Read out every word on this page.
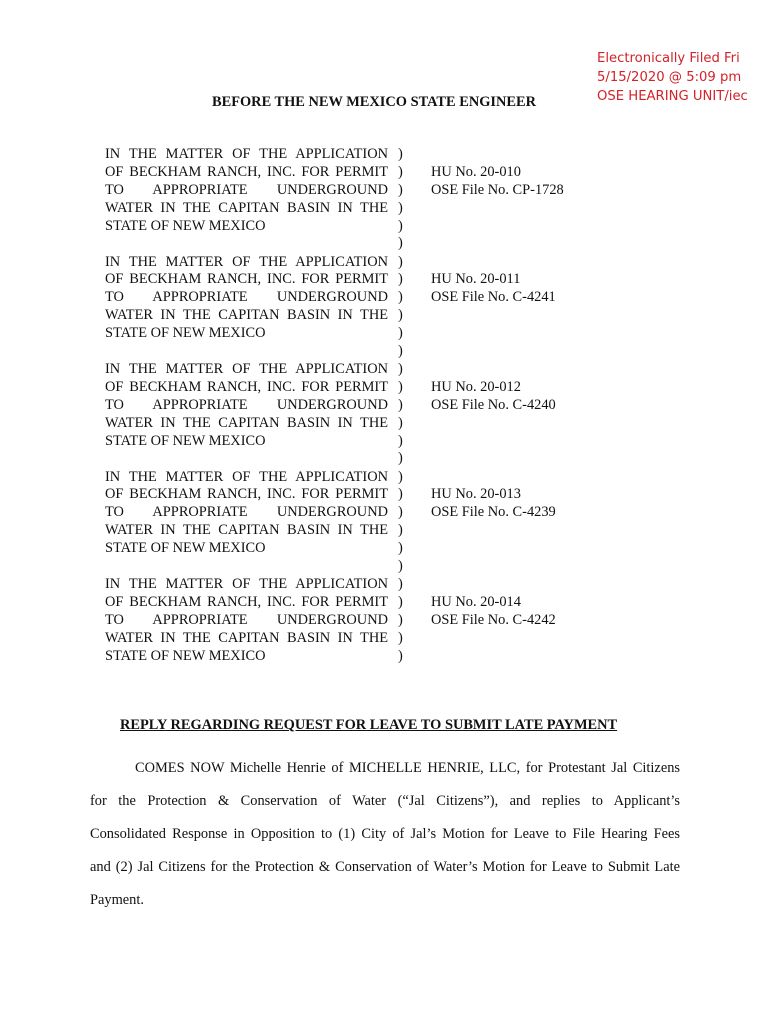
Electronically Filed Fri
5/15/2020 @ 5:09 pm
OSE HEARING UNIT/iec
BEFORE THE NEW MEXICO STATE ENGINEER
IN THE MATTER OF THE APPLICATION
OF BECKHAM RANCH, INC. FOR PERMIT
TO APPROPRIATE UNDERGROUND
WATER IN THE CAPITAN BASIN IN THE
STATE OF NEW MEXICO
)
)
)
)
)
)
HU No. 20-010
OSE File No. CP-1728
IN THE MATTER OF THE APPLICATION
OF BECKHAM RANCH, INC. FOR PERMIT
TO APPROPRIATE UNDERGROUND
WATER IN THE CAPITAN BASIN IN THE
STATE OF NEW MEXICO
)
)
)
)
)
)
HU No. 20-011
OSE File No. C-4241
IN THE MATTER OF THE APPLICATION
OF BECKHAM RANCH, INC. FOR PERMIT
TO APPROPRIATE UNDERGROUND
WATER IN THE CAPITAN BASIN IN THE
STATE OF NEW MEXICO
)
)
)
)
)
)
HU No. 20-012
OSE File No. C-4240
IN THE MATTER OF THE APPLICATION
OF BECKHAM RANCH, INC. FOR PERMIT
TO APPROPRIATE UNDERGROUND
WATER IN THE CAPITAN BASIN IN THE
STATE OF NEW MEXICO
)
)
)
)
)
)
HU No. 20-013
OSE File No. C-4239
IN THE MATTER OF THE APPLICATION
OF BECKHAM RANCH, INC. FOR PERMIT
TO APPROPRIATE UNDERGROUND
WATER IN THE CAPITAN BASIN IN THE
STATE OF NEW MEXICO
)
)
)
)
)
HU No. 20-014
OSE File No. C-4242
REPLY REGARDING REQUEST FOR LEAVE TO SUBMIT LATE PAYMENT
COMES NOW Michelle Henrie of MICHELLE HENRIE, LLC, for Protestant Jal Citizens
for the Protection & Conservation of Water (“Jal Citizens”), and replies to Applicant’s
Consolidated Response in Opposition to (1) City of Jal’s Motion for Leave to File Hearing Fees
and (2) Jal Citizens for the Protection & Conservation of Water’s Motion for Leave to Submit Late
Payment.
